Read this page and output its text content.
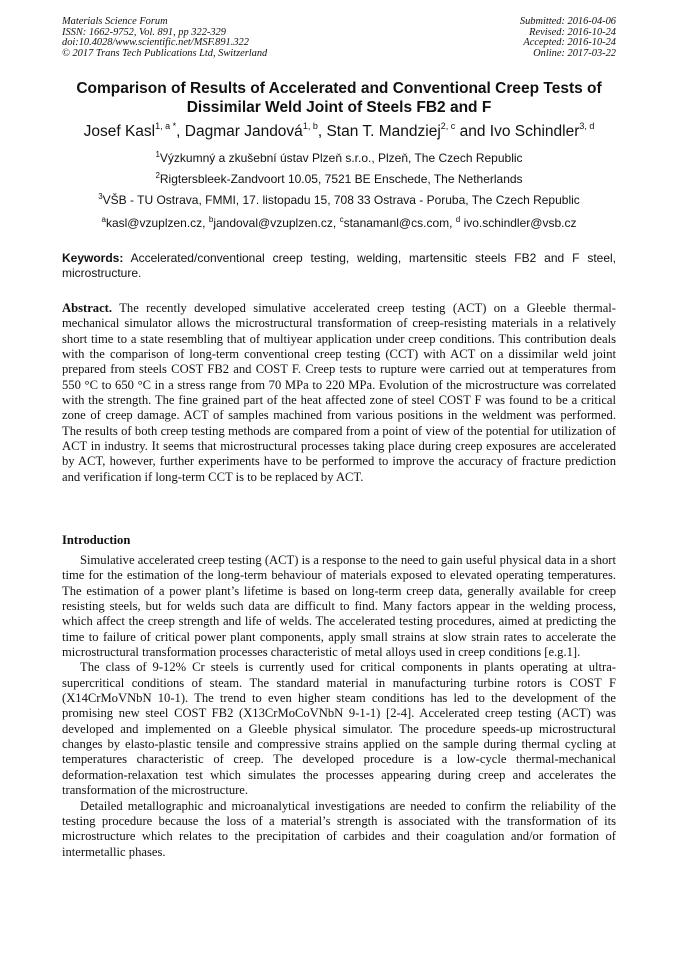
Materials Science Forum
ISSN: 1662-9752, Vol. 891, pp 322-329
doi:10.4028/www.scientific.net/MSF.891.322
© 2017 Trans Tech Publications Ltd, Switzerland
Submitted: 2016-04-06
Revised: 2016-10-24
Accepted: 2016-10-24
Online: 2017-03-22
Comparison of Results of Accelerated and Conventional Creep Tests of Dissimilar Weld Joint of Steels FB2 and F
Josef Kasl$^{1, a *}$, Dagmar Jandová$^{1, b}$, Stan T. Mandziej$^{2, c}$ and Ivo Schindler$^{3, d}$
$^1$Výzkumný a zkušební ústav Plzeň s.r.o., Plzeň, The Czech Republic
$^2$Rigtersbleek-Zandvoort 10.05, 7521 BE Enschede, The Netherlands
$^3$VŠB - TU Ostrava, FMMI, 17. listopadu 15, 708 33 Ostrava - Poruba, The Czech Republic
$^a$kasl@vzuplzen.cz, $^b$jandoval@vzuplzen.cz, $^c$stanamanl@cs.com, $^d$ ivo.schindler@vsb.cz
Keywords: Accelerated/conventional creep testing, welding, martensitic steels FB2 and F steel, microstructure.

Abstract. The recently developed simulative accelerated creep testing (ACT) on a Gleeble thermal-mechanical simulator allows the microstructural transformation of creep-resisting materials in a relatively short time to a state resembling that of multiyear application under creep conditions. This contribution deals with the comparison of long-term conventional creep testing (CCT) with ACT on a dissimilar weld joint prepared from steels COST FB2 and COST F. Creep tests to rupture were carried out at temperatures from 550 °C to 650 °C in a stress range from 70 MPa to 220 MPa. Evolution of the microstructure was correlated with the strength. The fine grained part of the heat affected zone of steel COST F was found to be a critical zone of creep damage. ACT of samples machined from various positions in the weldment was performed. The results of both creep testing methods are compared from a point of view of the potential for utilization of ACT in industry. It seems that microstructural processes taking place during creep exposures are accelerated by ACT, however, further experiments have to be performed to improve the accuracy of fracture prediction and verification if long-term CCT is to be replaced by ACT.

Introduction

Simulative accelerated creep testing (ACT) is a response to the need to gain useful physical data in a short time for the estimation of the long-term behaviour of materials exposed to elevated operating temperatures. The estimation of a power plant’s lifetime is based on long-term creep data, generally available for creep resisting steels, but for welds such data are difficult to find. Many factors appear in the welding process, which affect the creep strength and life of welds. The accelerated testing procedures, aimed at predicting the time to failure of critical power plant components, apply small strains at slow strain rates to accelerate the microstructural transformation processes characteristic of metal alloys used in creep conditions [e.g.1].

The class of 9-12% Cr steels is currently used for critical components in plants operating at ultra-supercritical conditions of steam. The standard material in manufacturing turbine rotors is COST F (X14CrMoVNbN 10-1). The trend to even higher steam conditions has led to the development of the promising new steel COST FB2 (X13CrMoCoVNbN 9-1-1) [2-4]. Accelerated creep testing (ACT) was developed and implemented on a Gleeble physical simulator. The procedure speeds-up microstructural changes by elasto-plastic tensile and compressive strains applied on the sample during thermal cycling at temperatures characteristic of creep. The developed procedure is a low-cycle thermal-mechanical deformation-relaxation test which simulates the processes appearing during creep and accelerates the transformation of the microstructure.

Detailed metallographic and microanalytical investigations are needed to confirm the reliability of the testing procedure because the loss of a material’s strength is associated with the transformation of its microstructure which relates to the precipitation of carbides and their coagulation and/or formation of intermetallic phases.
